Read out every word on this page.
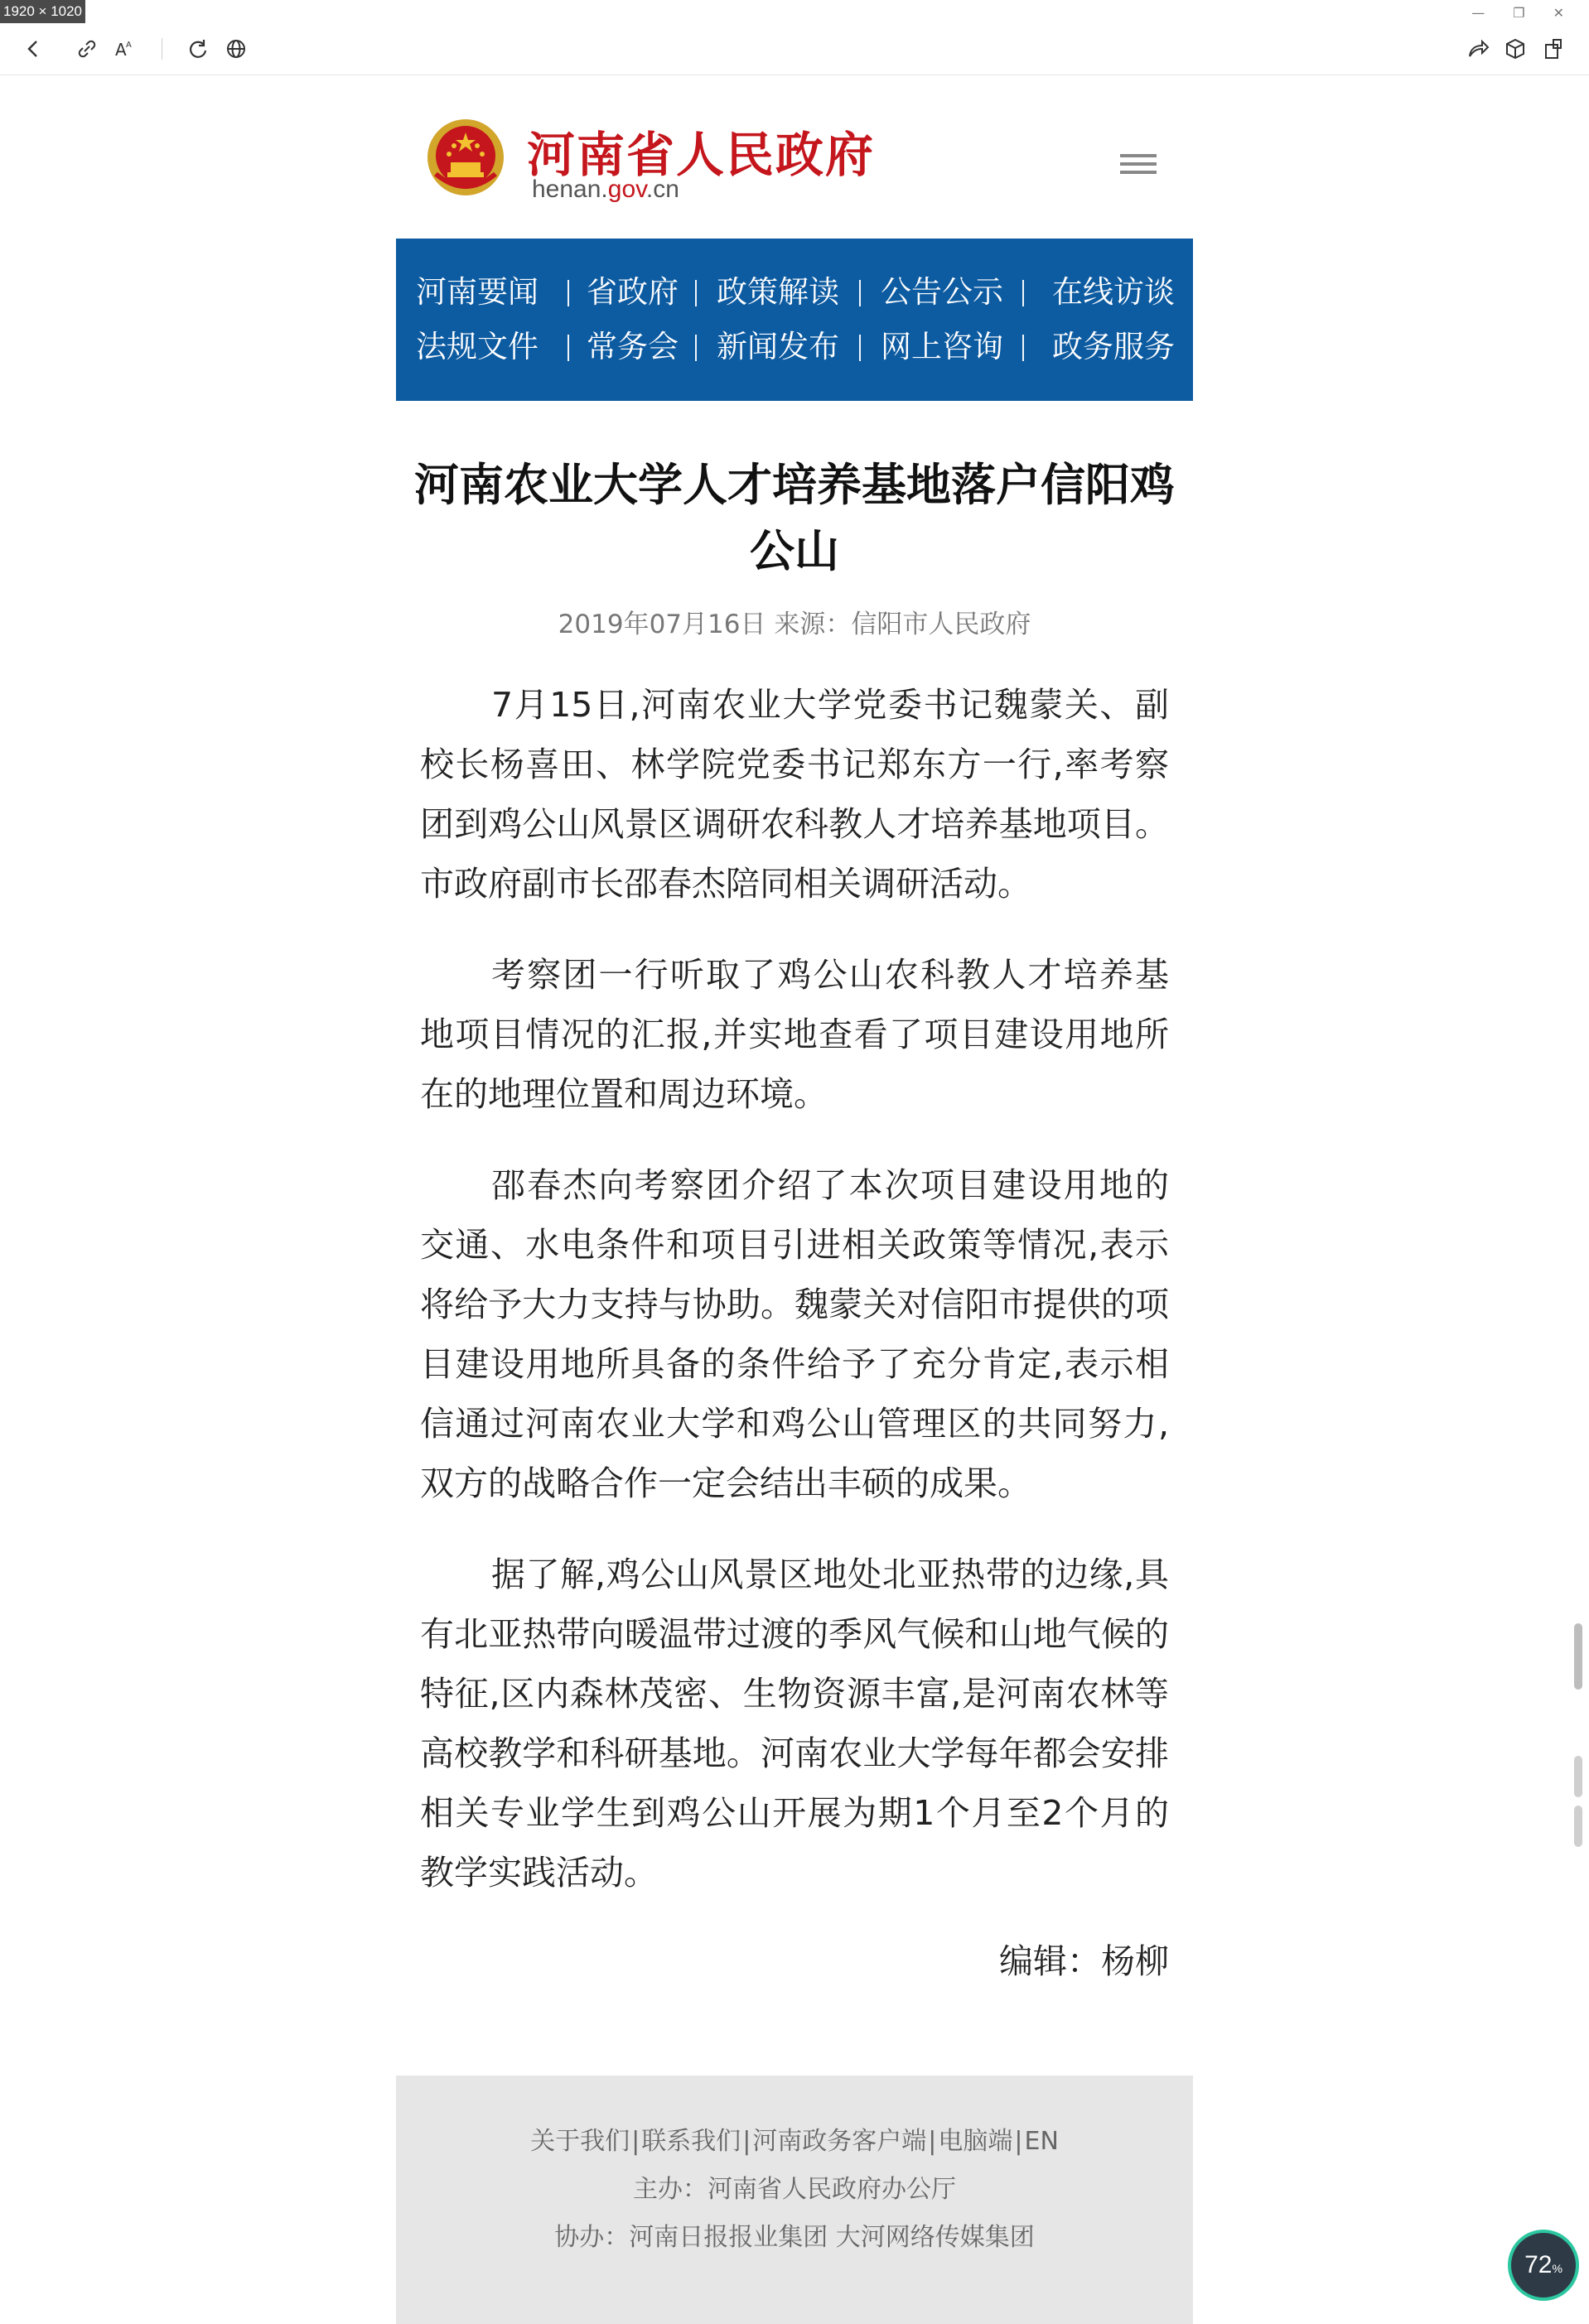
1920 × 1020	— ❐ ✕
A A
河南省人民政府
henan.gov.cn
河南要闻 省政府 政策解读 公告公示 在线访谈
法规文件 常务会 新闻发布 网上咨询 政务服务
河南农业大学人才培养基地落户信阳鸡公山
2019年07月16日 来源：信阳市人民政府

7月15日,河南农业大学党委书记魏蒙关、副校长杨喜田、林学院党委书记郑东方一行,率考察团到鸡公山风景区调研农科教人才培养基地项目。市政府副市长邵春杰陪同相关调研活动。

考察团一行听取了鸡公山农科教人才培养基地项目情况的汇报,并实地查看了项目建设用地所在的地理位置和周边环境。

邵春杰向考察团介绍了本次项目建设用地的交通、水电条件和项目引进相关政策等情况,表示将给予大力支持与协助。魏蒙关对信阳市提供的项目建设用地所具备的条件给予了充分肯定,表示相信通过河南农业大学和鸡公山管理区的共同努力,双方的战略合作一定会结出丰硕的成果。

据了解,鸡公山风景区地处北亚热带的边缘,具有北亚热带向暖温带过渡的季风气候和山地气候的特征,区内森林茂密、生物资源丰富,是河南农林等高校教学和科研基地。河南农业大学每年都会安排相关专业学生到鸡公山开展为期1个月至2个月的教学实践活动。

编辑：杨柳
关于我们|联系我们|河南政务客户端|电脑端|EN
主办：河南省人民政府办公厅
协办：河南日报报业集团 大河网络传媒集团
72%
